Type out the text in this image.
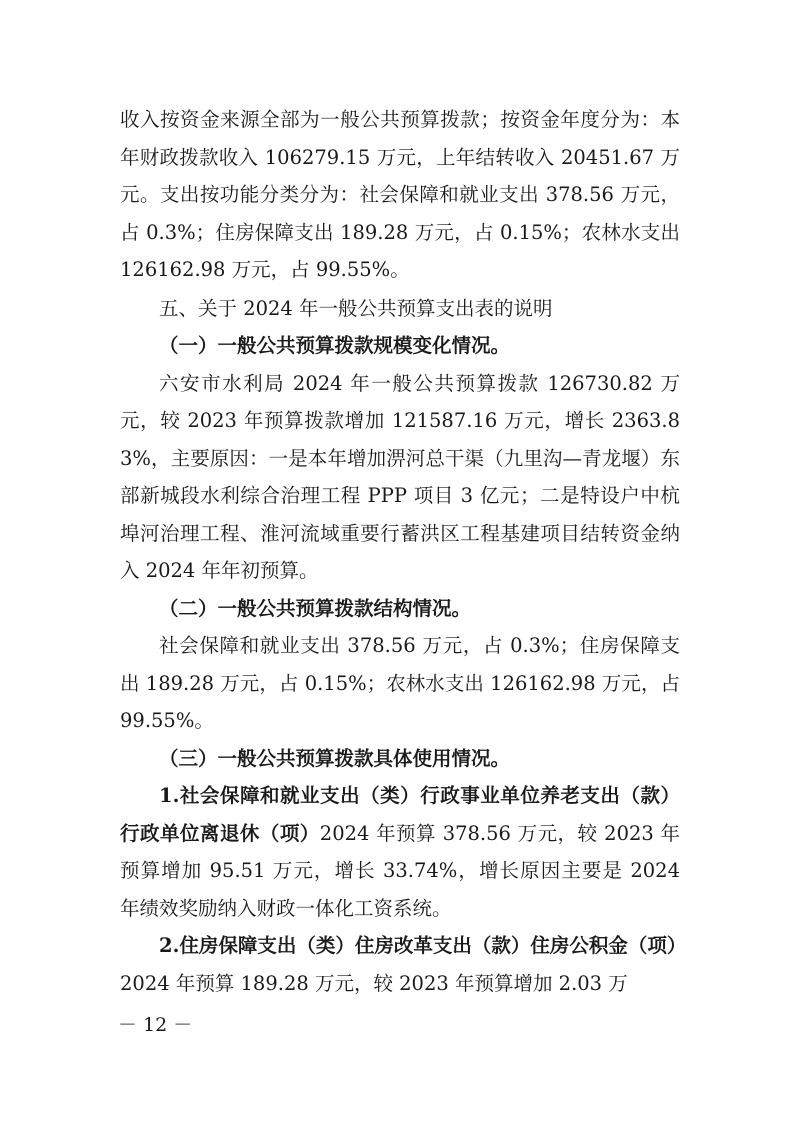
收入按资金来源全部为一般公共预算拨款；按资金年度分为：本年财政拨款收入 106279.15 万元，上年结转收入 20451.67 万元。支出按功能分类分为：社会保障和就业支出 378.56 万元，占 0.3%；住房保障支出 189.28 万元，占 0.15%；农林水支出 126162.98 万元，占 99.55%。

五、关于 2024 年一般公共预算支出表的说明

（一）一般公共预算拨款规模变化情况。

六安市水利局 2024 年一般公共预算拨款 126730.82 万元，较 2023 年预算拨款增加 121587.16 万元，增长 2363.83%，主要原因：一是本年增加淠河总干渠（九里沟—青龙堰）东部新城段水利综合治理工程 PPP 项目 3 亿元；二是特设户中杭埠河治理工程、淮河流域重要行蓄洪区工程基建项目结转资金纳入 2024 年年初预算。

（二）一般公共预算拨款结构情况。

社会保障和就业支出 378.56 万元，占 0.3%；住房保障支出 189.28 万元，占 0.15%；农林水支出 126162.98 万元，占 99.55%。

（三）一般公共预算拨款具体使用情况。

1.社会保障和就业支出（类）行政事业单位养老支出（款）行政单位离退休（项）2024 年预算 378.56 万元，较 2023 年预算增加 95.51 万元，增长 33.74%，增长原因主要是 2024 年绩效奖励纳入财政一体化工资系统。

2.住房保障支出（类）住房改革支出（款）住房公积金（项）2024 年预算 189.28 万元，较 2023 年预算增加 2.03 万

－ 12 －
